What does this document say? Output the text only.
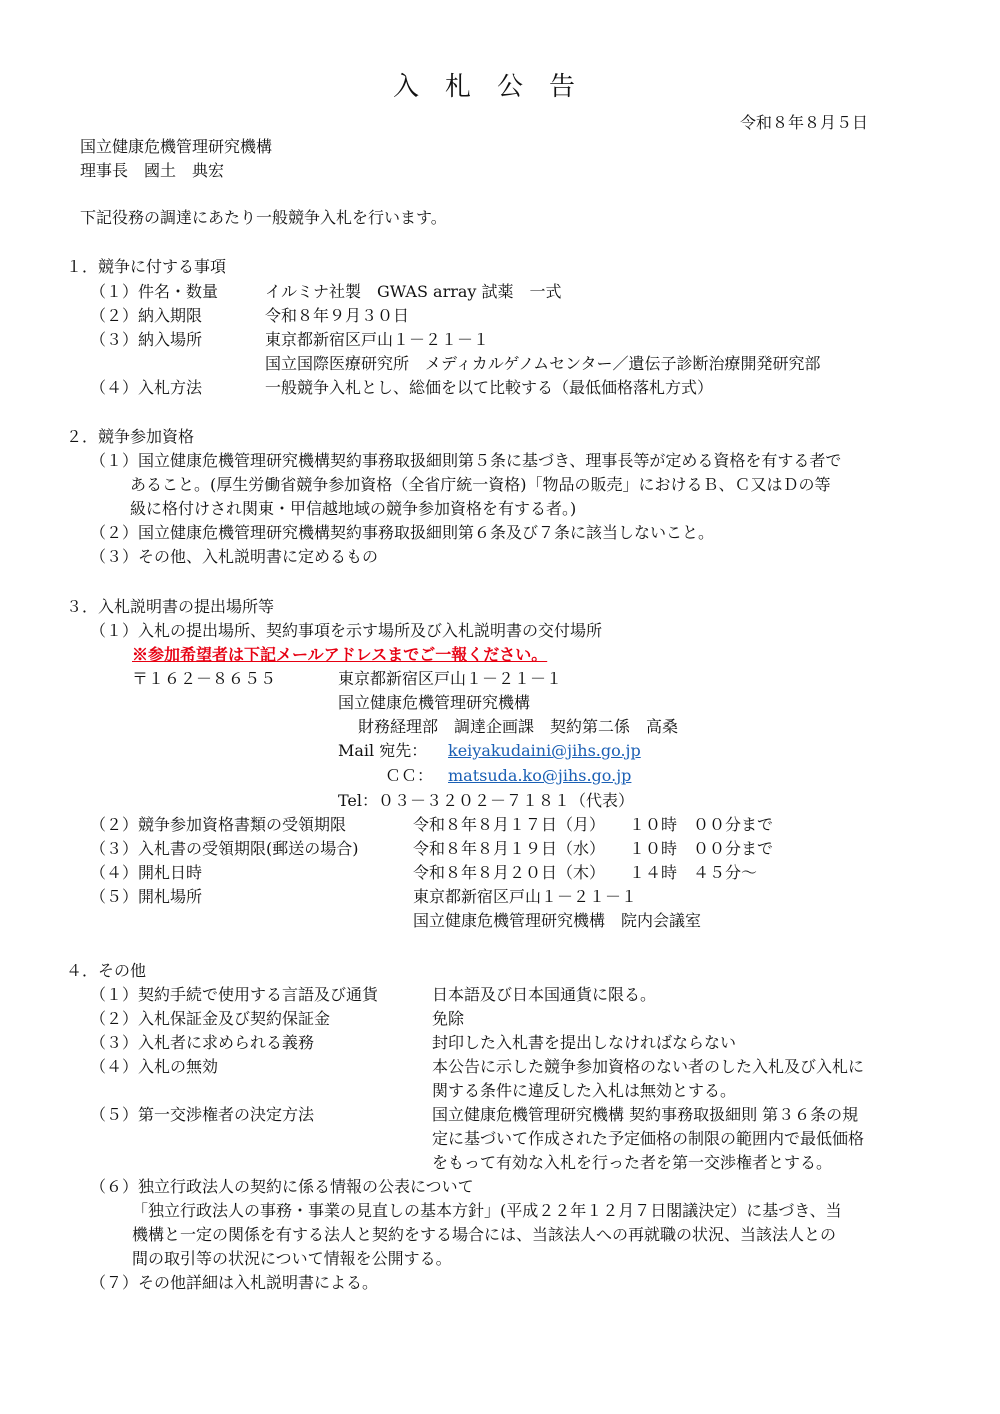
入札公告
令和８年８月５日
国立健康危機管理研究機構
理事長　國土　典宏
下記役務の調達にあたり一般競争入札を行います。
１．競争に付する事項
（１）件名・数量	イルミナ社製　GWAS array 試薬　一式
（２）納入期限	令和８年９月３０日
（３）納入場所	東京都新宿区戸山１－２１－１
国立国際医療研究所　メディカルゲノムセンター／遺伝子診断治療開発研究部
（４）入札方法	一般競争入札とし、総価を以て比較する（最低価格落札方式）
２．競争参加資格
（１）国立健康危機管理研究機構契約事務取扱細則第５条に基づき、理事長等が定める資格を有する者で
あること。(厚生労働省競争参加資格（全省庁統一資格)「物品の販売」におけるＢ、Ｃ又はＤの等
級に格付けされ関東・甲信越地域の競争参加資格を有する者。)
（２）国立健康危機管理研究機構契約事務取扱細則第６条及び７条に該当しないこと。
（３）その他、入札説明書に定めるもの
３．入札説明書の提出場所等
（１）入札の提出場所、契約事項を示す場所及び入札説明書の交付場所
※参加希望者は下記メールアドレスまでご一報ください。
〒１６２－８６５５	東京都新宿区戸山１－２１－１
国立健康危機管理研究機構
財務経理部　調達企画課　契約第二係　高桑
Mail 宛先： keiyakudaini@jihs.go.jp
ＣＣ： matsuda.ko@jihs.go.jp
Tel：０３－３２０２－７１８１（代表）
（２）競争参加資格書類の受領期限	令和８年８月１７日（月）　　１０時　００分まで
（３）入札書の受領期限(郵送の場合)	令和８年８月１９日（水）　　１０時　００分まで
（４）開札日時	令和８年８月２０日（木）　　１４時　４５分～
（５）開札場所	東京都新宿区戸山１－２１－１
国立健康危機管理研究機構　院内会議室
４．その他
（１）契約手続で使用する言語及び通貨	日本語及び日本国通貨に限る。
（２）入札保証金及び契約保証金	免除
（３）入札者に求められる義務	封印した入札書を提出しなければならない
（４）入札の無効	本公告に示した競争参加資格のない者のした入札及び入札に
関する条件に違反した入札は無効とする。
（５）第一交渉権者の決定方法	国立健康危機管理研究機構 契約事務取扱細則 第３６条の規
定に基づいて作成された予定価格の制限の範囲内で最低価格
をもって有効な入札を行った者を第一交渉権者とする。
（６）独立行政法人の契約に係る情報の公表について
「独立行政法人の事務・事業の見直しの基本方針」(平成２２年１２月７日閣議決定）に基づき、当
機構と一定の関係を有する法人と契約をする場合には、当該法人への再就職の状況、当該法人との
間の取引等の状況について情報を公開する。
（７）その他詳細は入札説明書による。
